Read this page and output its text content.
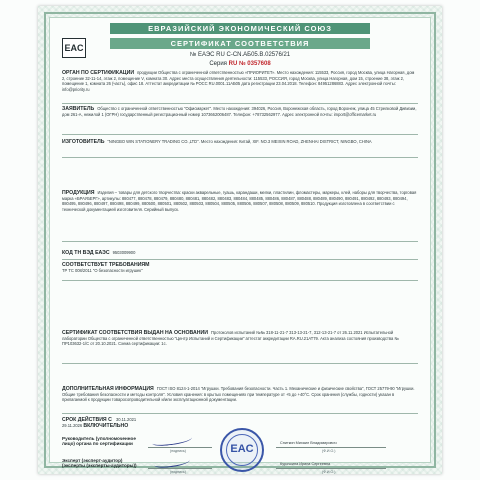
ЕВРАЗИЙСКИЙ ЭКОНОМИЧЕСКИЙ СОЮЗ
EAC	СЕРТИФИКАТ СООТВЕТСТВИЯ
№ ЕАЭС RU C-CN.АБ05.В.02576/21
Серия RU № 0357608
ОРГАН ПО СЕРТИФИКАЦИИ продукции Общества с ограниченной ответственностью «ПРИОРИТЕТ». Место нахождения: 115533, Россия, город Москва, улица Нагорная, дом 2, строение 32-11-14, этаж 2, помещение V, комната 30. Адрес места осуществления деятельности: 115533, РОССИЯ, город Москва, улица Нагорная, дом 15, строение 38, этаж 2, помещение 1, комната 26 (часть), офис 18. Аттестат аккредитации № РОСС RU.0001.11АБ05 дата регистрации 23.04.2018. Телефон: 84951286883. Адрес электронной почты: info@priority.ru
ЗАЯВИТЕЛЬ Общество с ограниченной ответственностью "Офисмаркет". Место нахождения: 394026, Россия, Воронежская область, город Воронеж, улица 45 Стрелковой Дивизии, дом 261-А, нежилой 1 (ОГРН) государственный регистрационный номер 1073662006487. Телефон: +78732562977. Адрес электронной почты: import@officemarket.ru
ИЗГОТОВИТЕЛЬ "NINGBO WIN STATIONERY TRADING CO.,LTD". Место нахождения: Китай, XIF. NO.3 MEIXIN ROAD, ZHENHAI DISTRICT, NINGBO, CHINA
ПРОДУКЦИЯ Изделия – товары для детского творчества: краски акварельные, гуашь, карандаши, мелки, пластилин, фломастеры, маркеры, клей, наборы для творчества, торговая марка «БРАУБЕРГ», артикулы: 880477, 880478, 880479, 880480, 880481, 880482, 880483, 880484, 880485, 880486, 880487, 880488, 880489, 880490, 880491, 880492, 880493, 880494, 880495, 880496, 880497, 880498, 880499, 880500, 880501, 880502, 880503, 880504, 880505, 880506, 880507, 880508, 880509, 880510. Продукция изготовлена в соответствии с технической документацией изготовителя. Серийный выпуск.
КОД ТН ВЭД ЕАЭС 9503009900
СООТВЕТСТВУЕТ ТРЕБОВАНИЯМ
ТР ТС 008/2011 "О безопасности игрушек"
СЕРТИФИКАТ СООТВЕТСТВИЯ ВЫДАН НА ОСНОВАНИИ Протоколов испытаний №№ 318-11-21-7 313-13-21-7, 312-13-21-7 от 26.11.2021 Испытательной лаборатории Общества с ограниченной ответственностью "Центр Испытаний и Сертификации" аттестат аккредитации RA.RU.21АТ79. Акта анализа состояния производства № ПР103632-1/С от 20.10.2021. Схема сертификации: 1с.
ДОПОЛНИТЕЛЬНАЯ ИНФОРМАЦИЯ ГОСТ ISO 8124-1-2014 "Игрушки. Требования безопасности. Часть 1. Механические и физические свойства", ГОСТ 25779-90 "Игрушки. Общие требования безопасности и методы контроля". Условия хранения: в крытых помещениях при температуре от +5 до +40°С. Срок хранения (службы, годности) указан в прилагаемой к продукции товаросопроводительной и/или эксплуатационной документации.
СРОК ДЕЙСТВИЯ С 30.11.2021
29.11.2026 ВКЛЮЧИТЕЛЬНО
EAC
Руководитель (уполномоченное лицо) органа по сертификации
(подпись)
Сниткин Михаил Владимирович
(Ф.И.О.)
Эксперт (эксперт-аудитор) (эксперты (эксперты-аудиторы))
(подпись)
Курочкина Ирина Сергеевна
(Ф.И.О.)
